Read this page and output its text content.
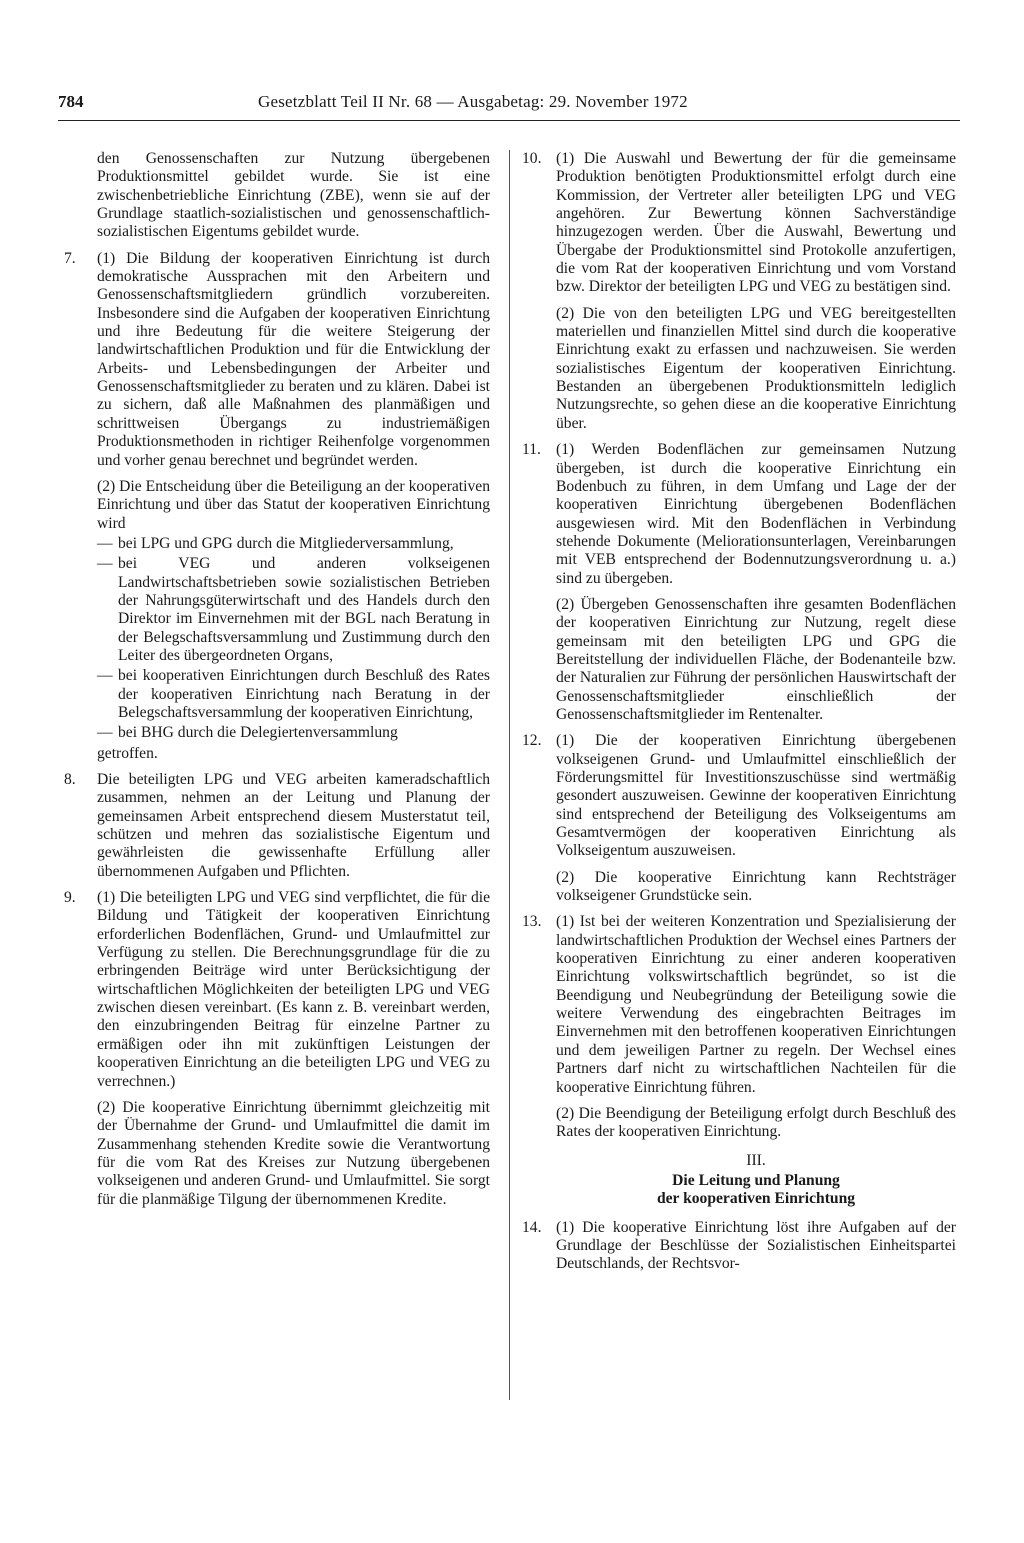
784	Gesetzblatt Teil II Nr. 68 — Ausgabetag: 29. November 1972

den Genossenschaften zur Nutzung übergebenen Produktionsmittel gebildet wurde. Sie ist eine zwischenbetriebliche Einrichtung (ZBE), wenn sie auf der Grundlage staatlich-sozialistischen und genossenschaftlich-sozialistischen Eigentums gebildet wurde.

7. (1) Die Bildung der kooperativen Einrichtung ist durch demokratische Aussprachen mit den Arbeitern und Genossenschaftsmitgliedern gründlich vorzubereiten. Insbesondere sind die Aufgaben der kooperativen Einrichtung und ihre Bedeutung für die weitere Steigerung der landwirtschaftlichen Produktion und für die Entwicklung der Arbeits- und Lebensbedingungen der Arbeiter und Genossenschaftsmitglieder zu beraten und zu klären. Dabei ist zu sichern, daß alle Maßnahmen des planmäßigen und schrittweisen Übergangs zu industriemäßigen Produktionsmethoden in richtiger Reihenfolge vorgenommen und vorher genau berechnet und begründet werden.

(2) Die Entscheidung über die Beteiligung an der kooperativen Einrichtung und über das Statut der kooperativen Einrichtung wird

— bei LPG und GPG durch die Mitgliederversammlung,
— bei VEG und anderen volkseigenen Landwirtschaftsbetrieben sowie sozialistischen Betrieben der Nahrungsgüterwirtschaft und des Handels durch den Direktor im Einvernehmen mit der BGL nach Beratung in der Belegschaftsversammlung und Zustimmung durch den Leiter des übergeordneten Organs,
— bei kooperativen Einrichtungen durch Beschluß des Rates der kooperativen Einrichtung nach Beratung in der Belegschaftsversammlung der kooperativen Einrichtung,
— bei BHG durch die Delegiertenversammlung

getroffen.

8. Die beteiligten LPG und VEG arbeiten kameradschaftlich zusammen, nehmen an der Leitung und Planung der gemeinsamen Arbeit entsprechend diesem Musterstatut teil, schützen und mehren das sozialistische Eigentum und gewährleisten die gewissenhafte Erfüllung aller übernommenen Aufgaben und Pflichten.

9. (1) Die beteiligten LPG und VEG sind verpflichtet, die für die Bildung und Tätigkeit der kooperativen Einrichtung erforderlichen Bodenflächen, Grund- und Umlaufmittel zur Verfügung zu stellen. Die Berechnungsgrundlage für die zu erbringenden Beiträge wird unter Berücksichtigung der wirtschaftlichen Möglichkeiten der beteiligten LPG und VEG zwischen diesen vereinbart. (Es kann z. B. vereinbart werden, den einzubringenden Beitrag für einzelne Partner zu ermäßigen oder ihn mit zukünftigen Leistungen der kooperativen Einrichtung an die beteiligten LPG und VEG zu verrechnen.)

(2) Die kooperative Einrichtung übernimmt gleichzeitig mit der Übernahme der Grund- und Umlaufmittel die damit im Zusammenhang stehenden Kredite sowie die Verantwortung für die vom Rat des Kreises zur Nutzung übergebenen volkseigenen und anderen Grund- und Umlaufmittel. Sie sorgt für die planmäßige Tilgung der übernommenen Kredite.

10. (1) Die Auswahl und Bewertung der für die gemeinsame Produktion benötigten Produktionsmittel erfolgt durch eine Kommission, der Vertreter aller beteiligten LPG und VEG angehören. Zur Bewertung können Sachverständige hinzugezogen werden. Über die Auswahl, Bewertung und Übergabe der Produktionsmittel sind Protokolle anzufertigen, die vom Rat der kooperativen Einrichtung und vom Vorstand bzw. Direktor der beteiligten LPG und VEG zu bestätigen sind.

(2) Die von den beteiligten LPG und VEG bereitgestellten materiellen und finanziellen Mittel sind durch die kooperative Einrichtung exakt zu erfassen und nachzuweisen. Sie werden sozialistisches Eigentum der kooperativen Einrichtung. Bestanden an übergebenen Produktionsmitteln lediglich Nutzungsrechte, so gehen diese an die kooperative Einrichtung über.

11. (1) Werden Bodenflächen zur gemeinsamen Nutzung übergeben, ist durch die kooperative Einrichtung ein Bodenbuch zu führen, in dem Umfang und Lage der der kooperativen Einrichtung übergebenen Bodenflächen ausgewiesen wird. Mit den Bodenflächen in Verbindung stehende Dokumente (Meliorationsunterlagen, Vereinbarungen mit VEB entsprechend der Bodennutzungsverordnung u. a.) sind zu übergeben.

(2) Übergeben Genossenschaften ihre gesamten Bodenflächen der kooperativen Einrichtung zur Nutzung, regelt diese gemeinsam mit den beteiligten LPG und GPG die Bereitstellung der individuellen Fläche, der Bodenanteile bzw. der Naturalien zur Führung der persönlichen Hauswirtschaft der Genossenschaftsmitglieder einschließlich der Genossenschaftsmitglieder im Rentenalter.

12. (1) Die der kooperativen Einrichtung übergebenen volkseigenen Grund- und Umlaufmittel einschließlich der Förderungsmittel für Investitionszuschüsse sind wertmäßig gesondert auszuweisen. Gewinne der kooperativen Einrichtung sind entsprechend der Beteiligung des Volkseigentums am Gesamtvermögen der kooperativen Einrichtung als Volkseigentum auszuweisen.

(2) Die kooperative Einrichtung kann Rechtsträger volkseigener Grundstücke sein.

13. (1) Ist bei der weiteren Konzentration und Spezialisierung der landwirtschaftlichen Produktion der Wechsel eines Partners der kooperativen Einrichtung zu einer anderen kooperativen Einrichtung volkswirtschaftlich begründet, so ist die Beendigung und Neubegründung der Beteiligung sowie die weitere Verwendung des eingebrachten Beitrages im Einvernehmen mit den betroffenen kooperativen Einrichtungen und dem jeweiligen Partner zu regeln. Der Wechsel eines Partners darf nicht zu wirtschaftlichen Nachteilen für die kooperative Einrichtung führen.

(2) Die Beendigung der Beteiligung erfolgt durch Beschluß des Rates der kooperativen Einrichtung.

III.
Die Leitung und Planung
der kooperativen Einrichtung
14. (1) Die kooperative Einrichtung löst ihre Aufgaben auf der Grundlage der Beschlüsse der Sozialistischen Einheitspartei Deutschlands, der Rechtsvor-
